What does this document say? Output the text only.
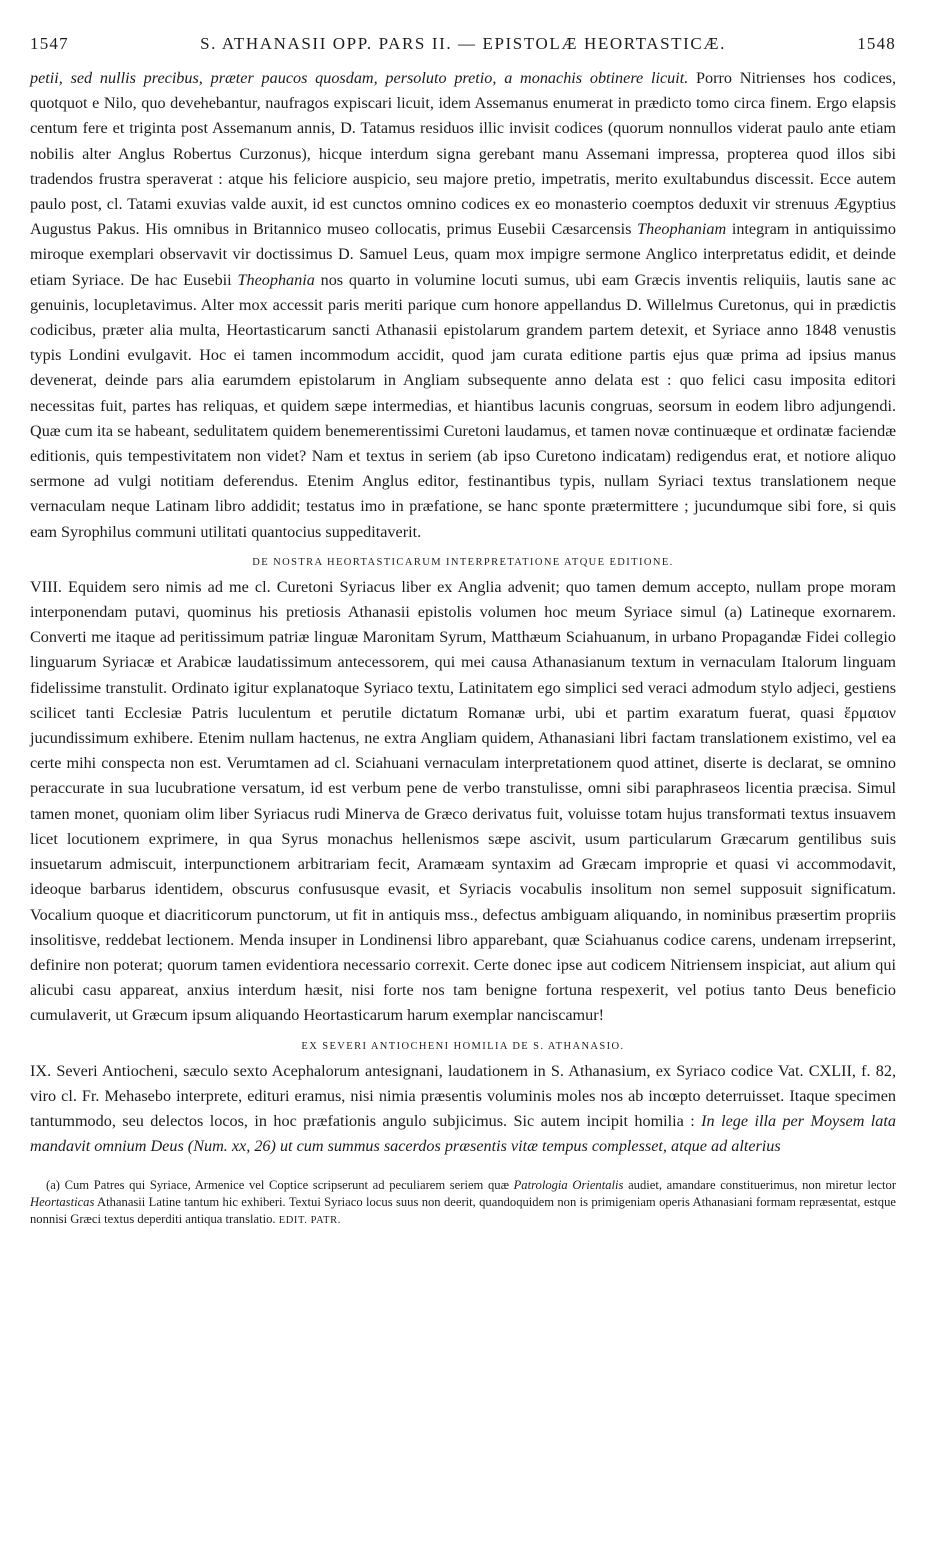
1547	S. ATHANASII OPP. PARS II. — EPISTOLÆ HEORTASTICÆ.	1548

petii, sed nullis precibus, præter paucos quosdam, persoluto pretio, a monachis obtinere licuit. Porro Nitrienses hos codices, quotquot e Nilo, quo devehebantur, naufragos expiscari licuit, idem Assemanus enumerat in prædicto tomo circa finem. Ergo elapsis centum fere et triginta post Assemanum annis, D. Tatamus residuos illic invisit codices (quorum nonnullos viderat paulo ante etiam nobilis alter Anglus Robertus Curzonus), hicque interdum signa gerebant manu Assemani impressa, propterea quod illos sibi tradendos frustra speraverat : atque his feliciore auspicio, seu majore pretio, impetratis, merito exultabundus discessit. Ecce autem paulo post, cl. Tatami exuvias valde auxit, id est cunctos omnino codices ex eo monasterio coemptos deduxit vir strenuus Ægyptius Augustus Pakus. His omnibus in Britannico museo collocatis, primus Eusebii Cæsarcensis Theophaniam integram in antiquissimo miroque exemplari observavit vir doctissimus D. Samuel Leus, quam mox impigre sermone Anglico interpretatus edidit, et deinde etiam Syriace. De hac Eusebii Theophania nos quarto in volumine locuti sumus, ubi eam Græcis inventis reliquiis, lautis sane ac genuinis, locupletavimus. Alter mox accessit paris meriti parique cum honore appellandus D. Willelmus Curetonus, qui in prædictis codicibus, præter alia multa, Heortasticarum sancti Athanasii epistolarum grandem partem detexit, et Syriace anno 1848 venustis typis Londini evulgavit. Hoc ei tamen incommodum accidit, quod jam curata editione partis ejus quæ prima ad ipsius manus devenerat, deinde pars alia earumdem epistolarum in Angliam subsequente anno delata est : quo felici casu imposita editori necessitas fuit, partes has reliquas, et quidem sæpe intermedias, et hiantibus lacunis congruas, seorsum in eodem libro adjungendi. Quæ cum ita se habeant, sedulitatem quidem benemerentissimi Curetoni laudamus, et tamen novæ continuæque et ordinatæ faciendæ editionis, quis tempestivitatem non videt? Nam et textus in seriem (ab ipso Curetono indicatam) redigendus erat, et notiore aliquo sermone ad vulgi notitiam deferendus. Etenim Anglus editor, festinantibus typis, nullam Syriaci textus translationem neque vernaculam neque Latinam libro addidit; testatus imo in præfatione, se hanc sponte prætermittere ; jucundumque sibi fore, si quis eam Syrophilus communi utilitati quantocius suppeditaverit.

DE NOSTRA HEORTASTICARUM INTERPRETATIONE ATQUE EDITIONE.

VIII. Equidem sero nimis ad me cl. Curetoni Syriacus liber ex Anglia advenit; quo tamen demum accepto, nullam prope moram interponendam putavi, quominus his pretiosis Athanasii epistolis volumen hoc meum Syriace simul (a) Latineque exornarem. Converti me itaque ad peritissimum patriæ linguæ Maronitam Syrum, Matthæum Sciahuanum, in urbano Propagandæ Fidei collegio linguarum Syriacæ et Arabicæ laudatissimum antecessorem, qui mei causa Athanasianum textum in vernaculam Italorum linguam fidelissime transtulit. Ordinato igitur explanatoque Syriaco textu, Latinitatem ego simplici sed veraci admodum stylo adjeci, gestiens scilicet tanti Ecclesiæ Patris luculentum et perutile dictatum Romanæ urbi, ubi et partim exaratum fuerat, quasi ἕρμαιον jucundissimum exhibere. Etenim nullam hactenus, ne extra Angliam quidem, Athanasiani libri factam translationem existimo, vel ea certe mihi conspecta non est. Verumtamen ad cl. Sciahuani vernaculam interpretationem quod attinet, diserte is declarat, se omnino peraccurate in sua lucubratione versatum, id est verbum pene de verbo transtulisse, omni sibi paraphraseos licentia præcisa. Simul tamen monet, quoniam olim liber Syriacus rudi Minerva de Græco derivatus fuit, voluisse totam hujus transformati textus insuavem licet locutionem exprimere, in qua Syrus monachus hellenismos sæpe ascivit, usum particularum Græcarum gentilibus suis insuetarum admiscuit, interpunctionem arbitrariam fecit, Aramæam syntaxim ad Græcam improprie et quasi vi accommodavit, ideoque barbarus identidem, obscurus confususque evasit, et Syriacis vocabulis insolitum non semel supposuit significatum. Vocalium quoque et diacriticorum punctorum, ut fit in antiquis mss., defectus ambiguam aliquando, in nominibus præsertim propriis insolitisve, reddebat lectionem. Menda insuper in Londinensi libro apparebant, quæ Sciahuanus codice carens, undenam irrepserint, definire non poterat; quorum tamen evidentiora necessario correxit. Certe donec ipse aut codicem Nitriensem inspiciat, aut alium qui alicubi casu appareat, anxius interdum hæsit, nisi forte nos tam benigne fortuna respexerit, vel potius tanto Deus beneficio cumulaverit, ut Græcum ipsum aliquando Heortasticarum harum exemplar nanciscamur!

EX SEVERI ANTIOCHENI HOMILIA DE S. ATHANASIO.

IX. Severi Antiocheni, sæculo sexto Acephalorum antesignani, laudationem in S. Athanasium, ex Syriaco codice Vat. CXLII, f. 82, viro cl. Fr. Mehasebo interprete, edituri eramus, nisi nimia præsentis voluminis moles nos ab incœpto deterruisset. Itaque specimen tantummodo, seu delectos locos, in hoc præfationis angulo subjicimus. Sic autem incipit homilia : In lege illa per Moysem lata mandavit omnium Deus (Num. xx, 26) ut cum summus sacerdos præsentis vitæ tempus complesset, atque ad alterius

(a) Cum Patres qui Syriace, Armenice vel Coptice scripserunt ad peculiarem seriem quæ Patrologia Orientalis audiet, amandare constituerimus, non miretur lector Heortasticas Athanasii Latine tantum hic exhiberi. Textui Syriaco locus suus non deerit, quandoquidem non is primigeniam operis Athanasiani formam repræsentat, estque nonnisi Græci textus deperditi antiqua translatio. EDIT. PATR.
